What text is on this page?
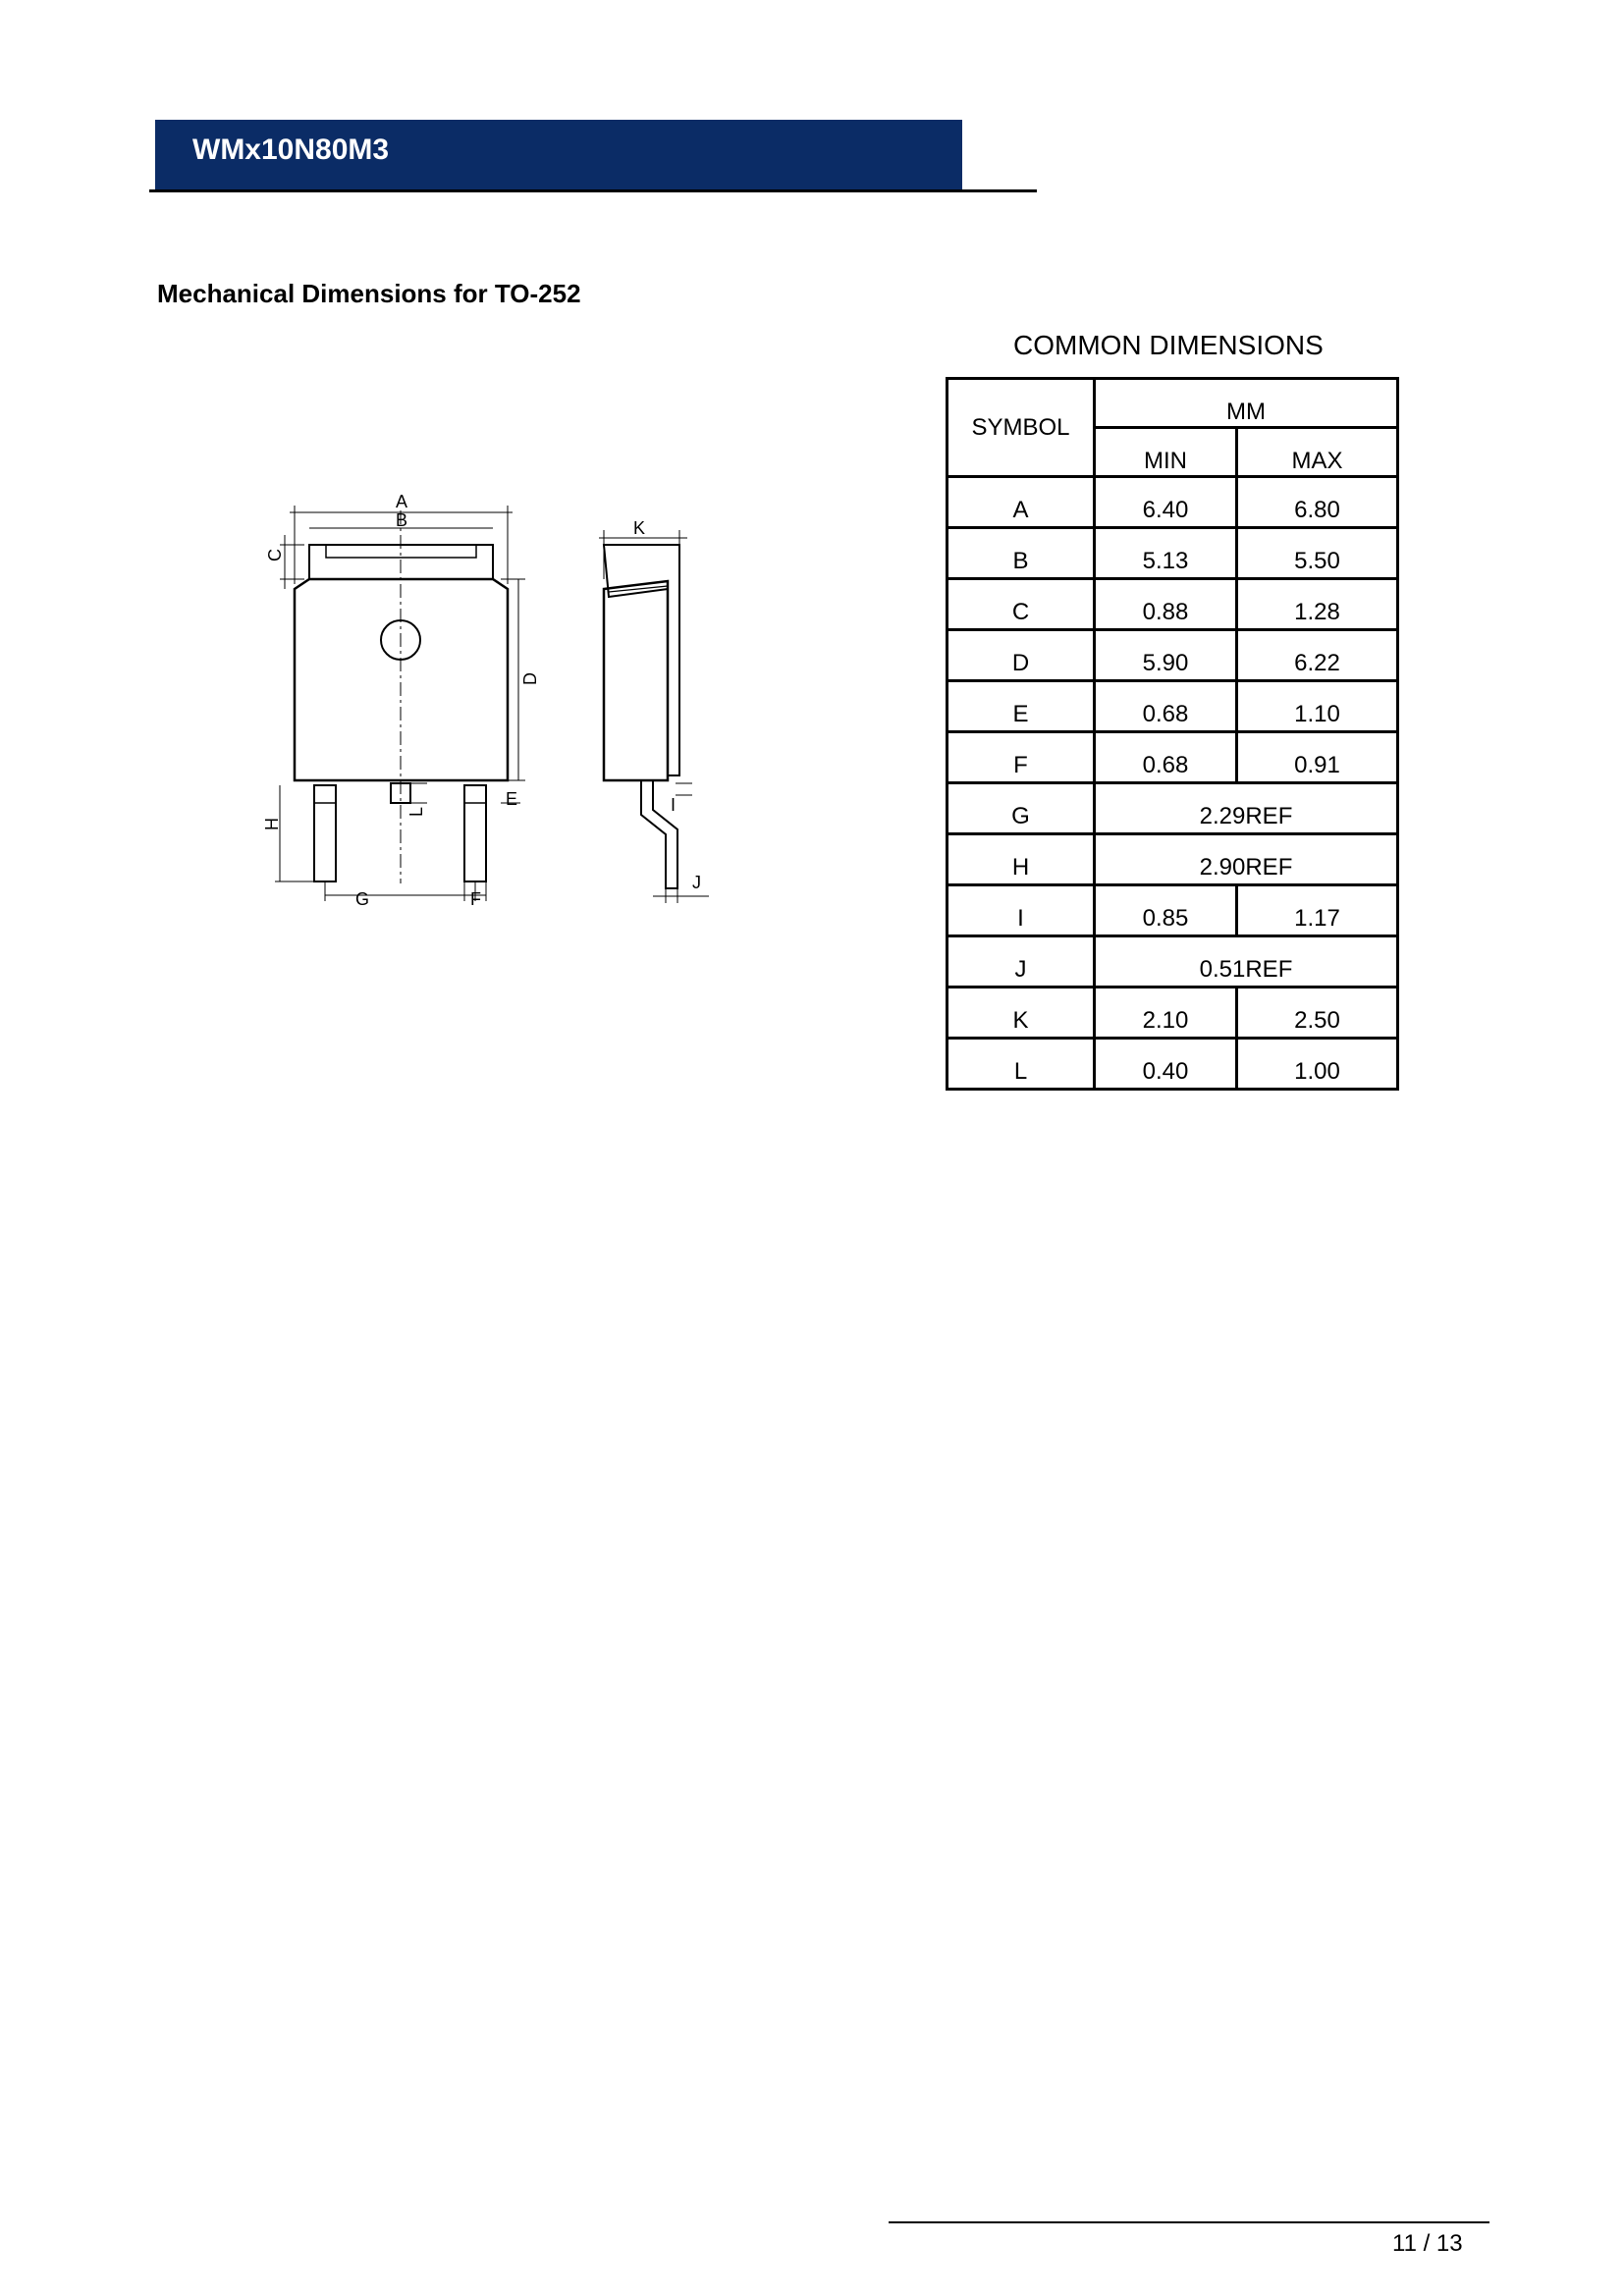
WMx10N80M3
Mechanical Dimensions for TO-252
A
B
C
D
E
F
G
H
I
J
K
L
COMMON DIMENSIONS
SYMBOL	MM	
	MIN	MAX
A	6.40	6.80
B	5.13	5.50
C	0.88	1.28
D	5.90	6.22
E	0.68	1.10
F	0.68	0.91
G	2.29REF	
H	2.90REF	
I	0.85	1.17
J	0.51REF	
K	2.10	2.50
L	0.40	1.00
11 / 13
